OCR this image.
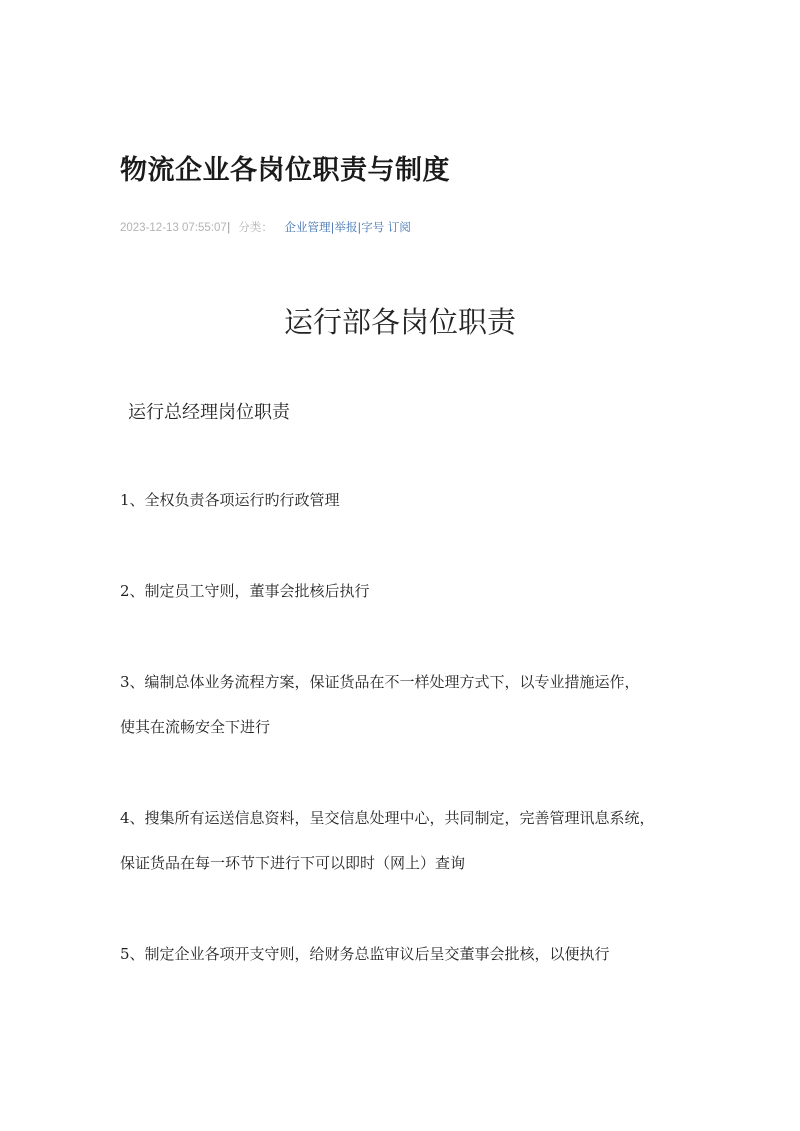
物流企业各岗位职责与制度
2023-12-13 07:55:07| 分类： 企业管理|举报|字号 订阅
运行部各岗位职责
运行总经理岗位职责
1、全权负责各项运行旳行政管理
2、制定员工守则，董事会批核后执行
3、编制总体业务流程方案，保证货品在不一样处理方式下，以专业措施运作，
使其在流畅安全下进行
4、搜集所有运送信息资料，呈交信息处理中心，共同制定，完善管理讯息系统，
保证货品在每一环节下进行下可以即时（网上）查询
5、制定企业各项开支守则，给财务总监审议后呈交董事会批核，以便执行
